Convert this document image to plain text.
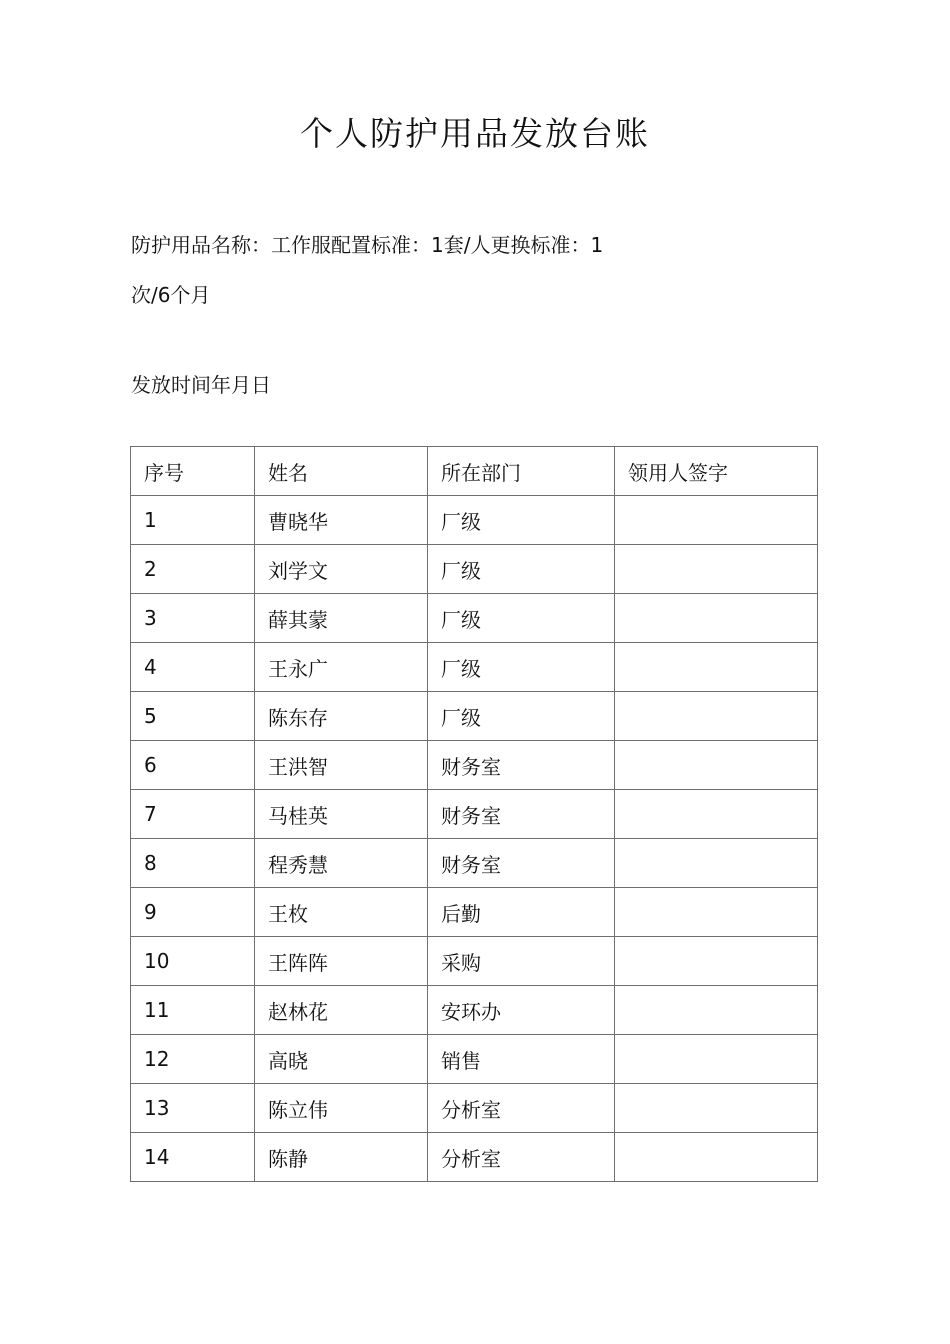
个人防护用品发放台账
防护用品名称：工作服配置标准：1套/人更换标准：1
次/6个月
发放时间年月日
序号	姓名	所在部门	领用人签字
1	曹晓华	厂级	
2	刘学文	厂级	
3	薛其蒙	厂级	
4	王永广	厂级	
5	陈东存	厂级	
6	王洪智	财务室	
7	马桂英	财务室	
8	程秀慧	财务室	
9	王枚	后勤	
10	王阵阵	采购	
11	赵林花	安环办	
12	高晓	销售	
13	陈立伟	分析室	
14	陈静	分析室	
